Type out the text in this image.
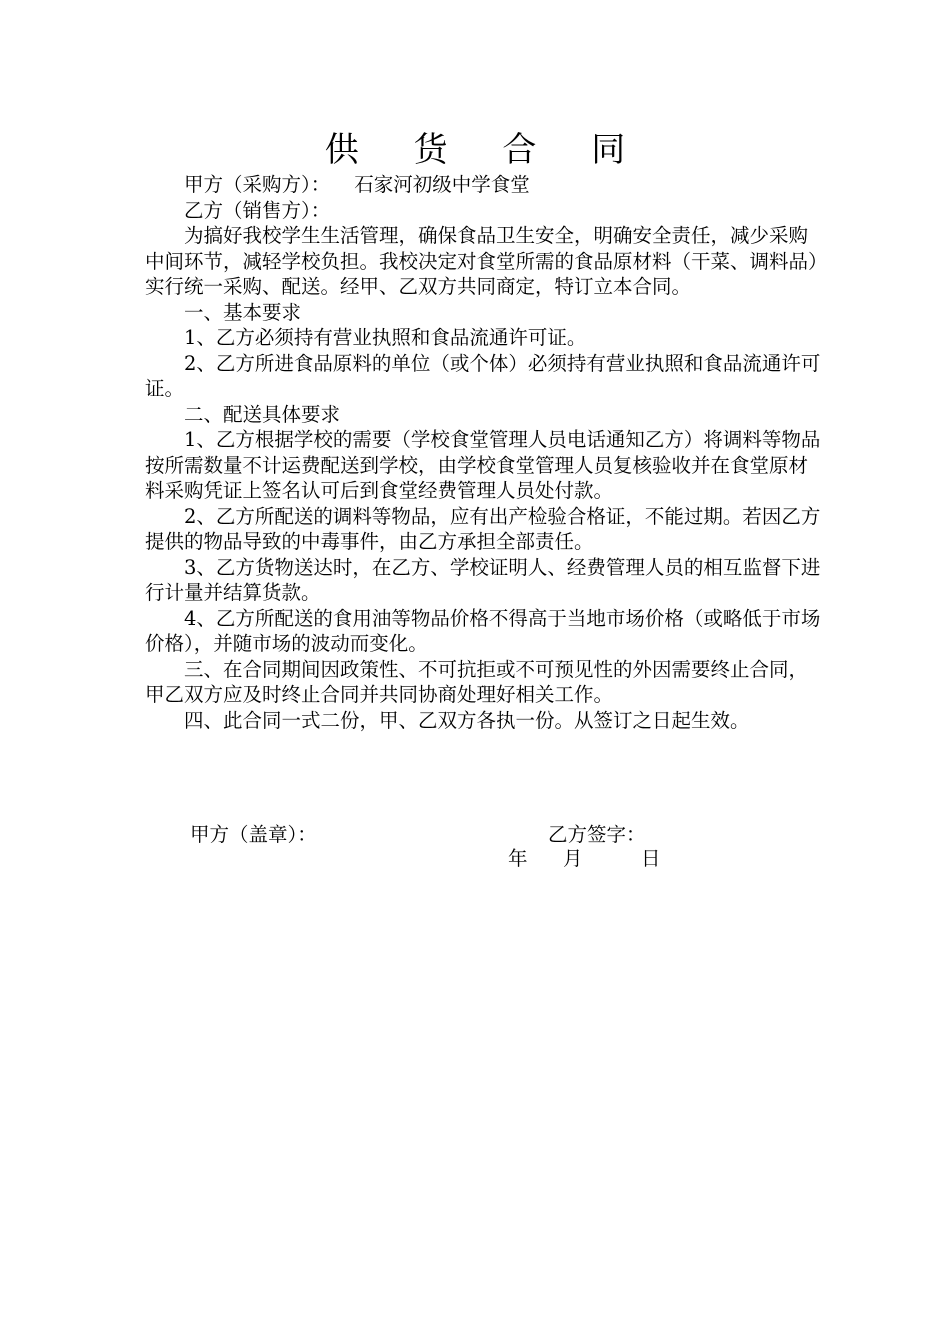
供 货 合 同

甲方（采购方）： 石家河初级中学食堂

乙方（销售方）：

为搞好我校学生生活管理，确保食品卫生安全，明确安全责任，减少采购中间环节，减轻学校负担。我校决定对食堂所需的食品原材料（干菜、调料品）实行统一采购、配送。经甲、乙双方共同商定，特订立本合同。

一、基本要求

1、乙方必须持有营业执照和食品流通许可证。

2、乙方所进食品原料的单位（或个体）必须持有营业执照和食品流通许可证。

二、配送具体要求

1、乙方根据学校的需要（学校食堂管理人员电话通知乙方）将调料等物品按所需数量不计运费配送到学校，由学校食堂管理人员复核验收并在食堂原材料采购凭证上签名认可后到食堂经费管理人员处付款。

2、乙方所配送的调料等物品，应有出产检验合格证，不能过期。若因乙方提供的物品导致的中毒事件，由乙方承担全部责任。

3、乙方货物送达时，在乙方、学校证明人、经费管理人员的相互监督下进行计量并结算货款。

4、乙方所配送的食用油等物品价格不得高于当地市场价格（或略低于市场价格），并随市场的波动而变化。

三、在合同期间因政策性、不可抗拒或不可预见性的外因需要终止合同，甲乙双方应及时终止合同并共同协商处理好相关工作。

四、此合同一式二份，甲、乙双方各执一份。从签订之日起生效。

甲方（盖章）：	乙方签字：
年 月	日
